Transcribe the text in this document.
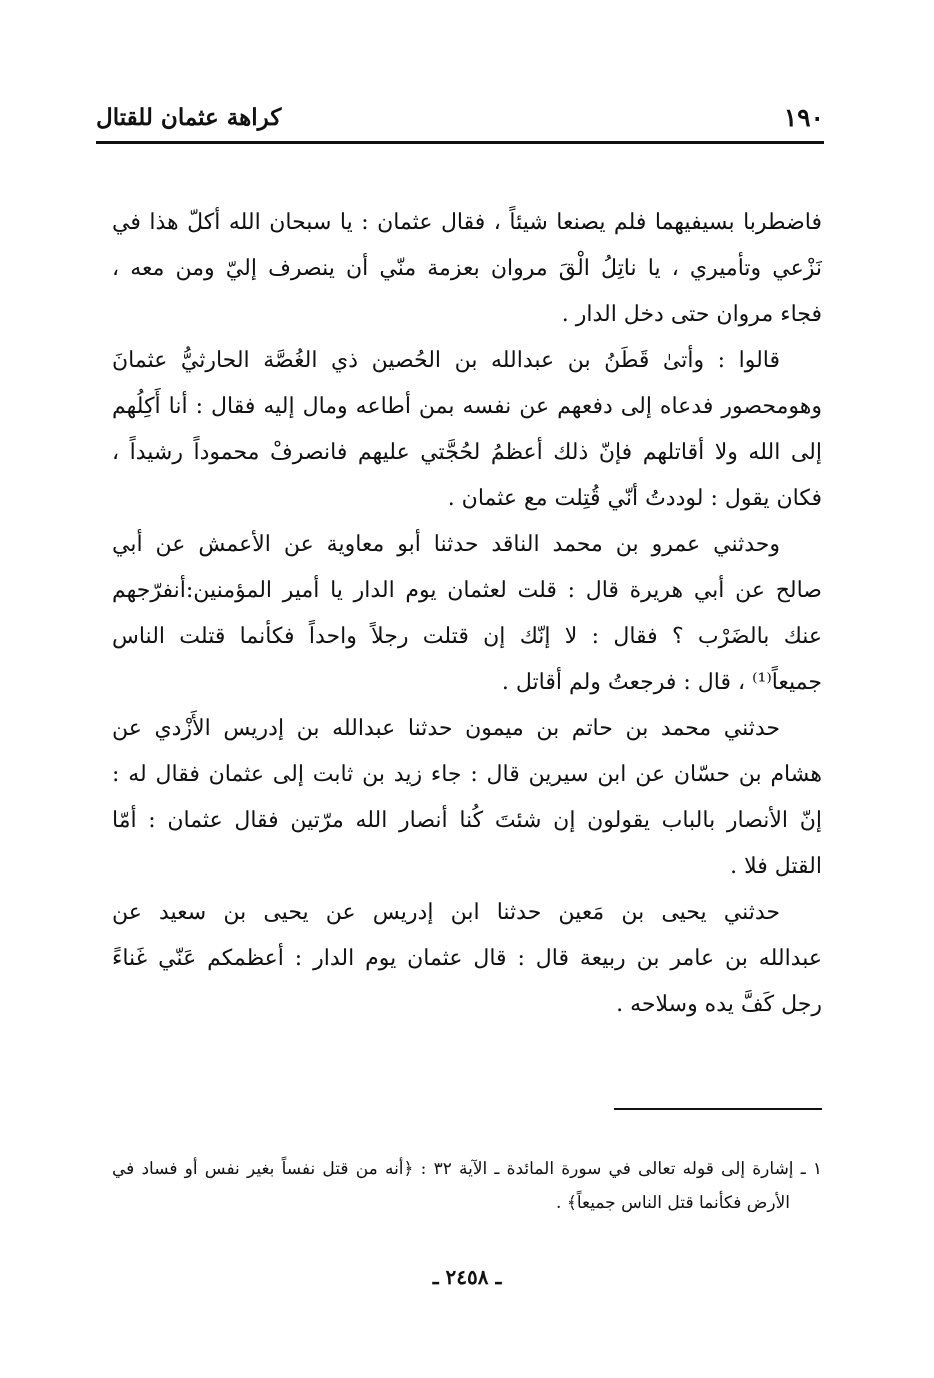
١٩٠
كراهة عثمان للقتال
فاضطربا بسيفيهما فلم يصنعا شيئاً ، فقال عثمان : يا سبحان الله أكلّ هذا في
نَزْعي وتأميري ، يا ناتِلُ الْقَ مروان بعزمة منّي أن ينصرف إليّ ومن معه ،
فجاء مروان حتى دخل الدار .
قالوا : وأتىٰ قَطَنُ بن عبدالله بن الحُصين ذي الغُصَّة الحارثيُّ عثمانَ
وهومحصور فدعاه إلى دفعهم عن نفسه بمن أطاعه ومال إليه فقال : أنا أَكِلُهم
إلى الله ولا أقاتلهم فإنّ ذلك أعظمُ لحُجَّتي عليهم فانصرفْ محموداً رشيداً ،
فكان يقول : لوددتُ أنّي قُتِلت مع عثمان .
وحدثني عمرو بن محمد الناقد حدثنا أبو معاوية عن الأعمش عن أبي
صالح عن أبي هريرة قال : قلت لعثمان يوم الدار يا أمير المؤمنين:أنفرّجهم
عنك بالضَرْب ؟ فقال : لا إنّك إن قتلت رجلاً واحداً فكأنما قتلت الناس
جميعاً⁽¹⁾ ، قال : فرجعتُ ولم أقاتل .
حدثني محمد بن حاتم بن ميمون حدثنا عبدالله بن إدريس الأَزْدي عن
هشام بن حسّان عن ابن سيرين قال : جاء زيد بن ثابت إلى عثمان فقال له :
إنّ الأنصار بالباب يقولون إن شئتَ كُنا أنصار الله مرّتين فقال عثمان : أمّا
القتل فلا .
حدثني يحيى بن مَعين حدثنا ابن إدريس عن يحيى بن سعيد عن
عبدالله بن عامر بن ربيعة قال : قال عثمان يوم الدار : أعظمكم عَنّي غَناءً
رجل كَفَّ يده وسلاحه .
١ ـ إشارة إلى قوله تعالى في سورة المائدة ـ الآية ٣٢ : ﴿أنه من قتل نفساً بغير نفس أو فساد في
الأرض فكأنما قتل الناس جميعاً﴾ .
ـ ٢٤٥٨ ـ
